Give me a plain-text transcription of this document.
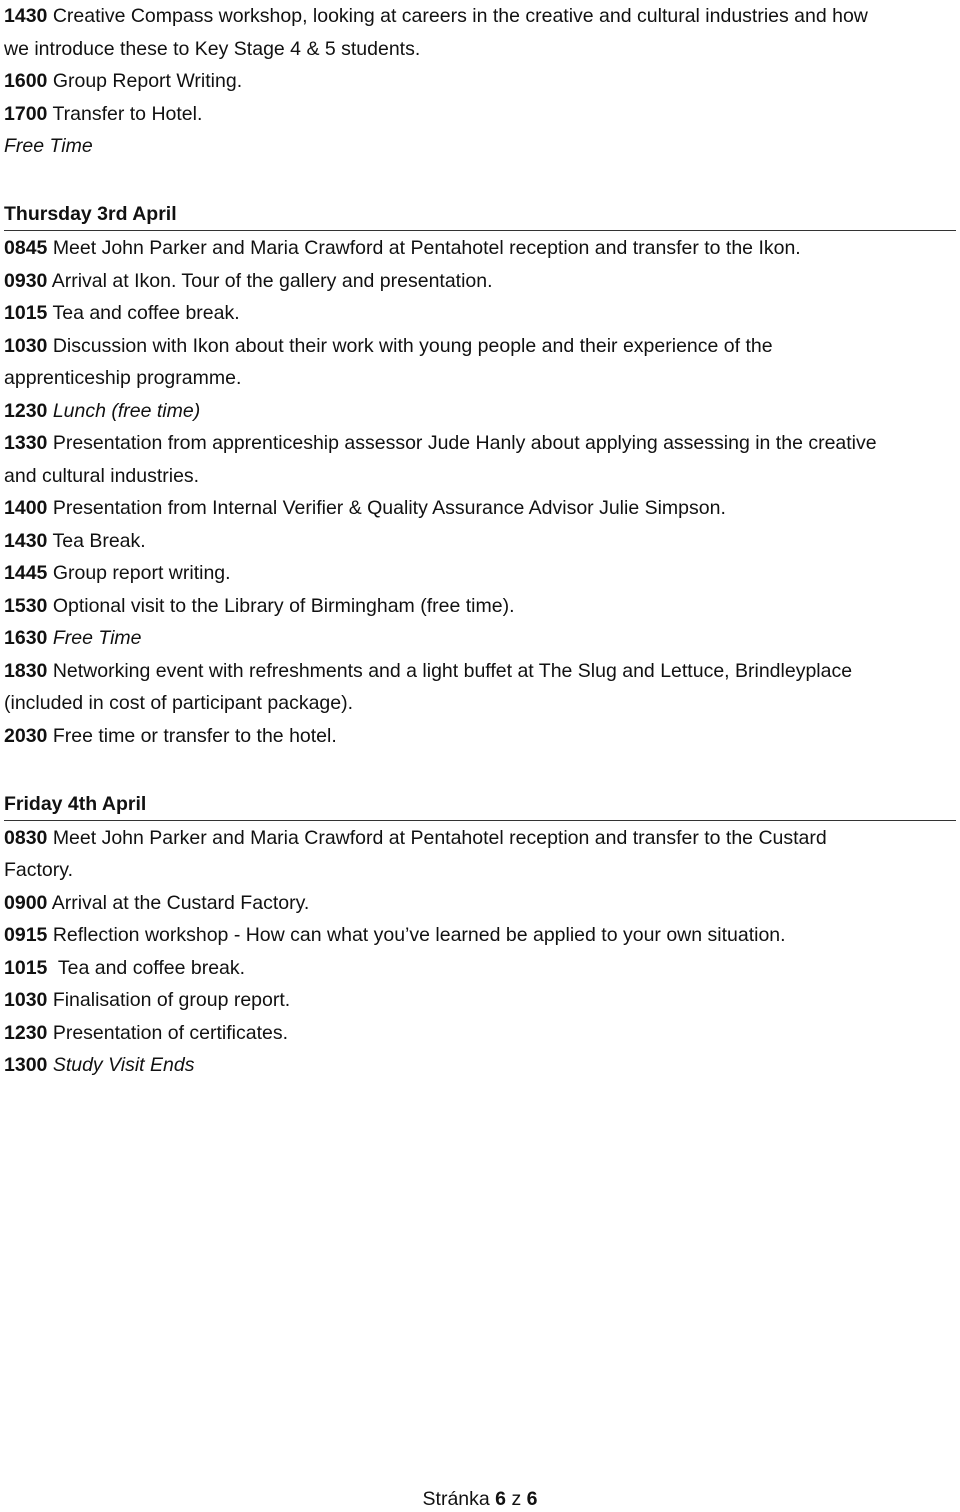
1430 Creative Compass workshop, looking at careers in the creative and cultural industries and how
we introduce these to Key Stage 4 & 5 students.
1600 Group Report Writing.
1700 Transfer to Hotel.
Free Time
Thursday 3rd April
0845 Meet John Parker and Maria Crawford at Pentahotel reception and transfer to the Ikon.
0930 Arrival at Ikon. Tour of the gallery and presentation.
1015 Tea and coffee break.
1030 Discussion with Ikon about their work with young people and their experience of the
apprenticeship programme.
1230 Lunch (free time)
1330 Presentation from apprenticeship assessor Jude Hanly about applying assessing in the creative
and cultural industries.
1400 Presentation from Internal Verifier & Quality Assurance Advisor Julie Simpson.
1430 Tea Break.
1445 Group report writing.
1530 Optional visit to the Library of Birmingham (free time).
1630 Free Time
1830 Networking event with refreshments and a light buffet at The Slug and Lettuce, Brindleyplace
(included in cost of participant package).
2030 Free time or transfer to the hotel.
Friday 4th April
0830 Meet John Parker and Maria Crawford at Pentahotel reception and transfer to the Custard
Factory.
0900 Arrival at the Custard Factory.
0915 Reflection workshop - How can what you’ve learned be applied to your own situation.
1015  Tea and coffee break.
1030 Finalisation of group report.
1230 Presentation of certificates.
1300 Study Visit Ends
Stránka 6 z 6
